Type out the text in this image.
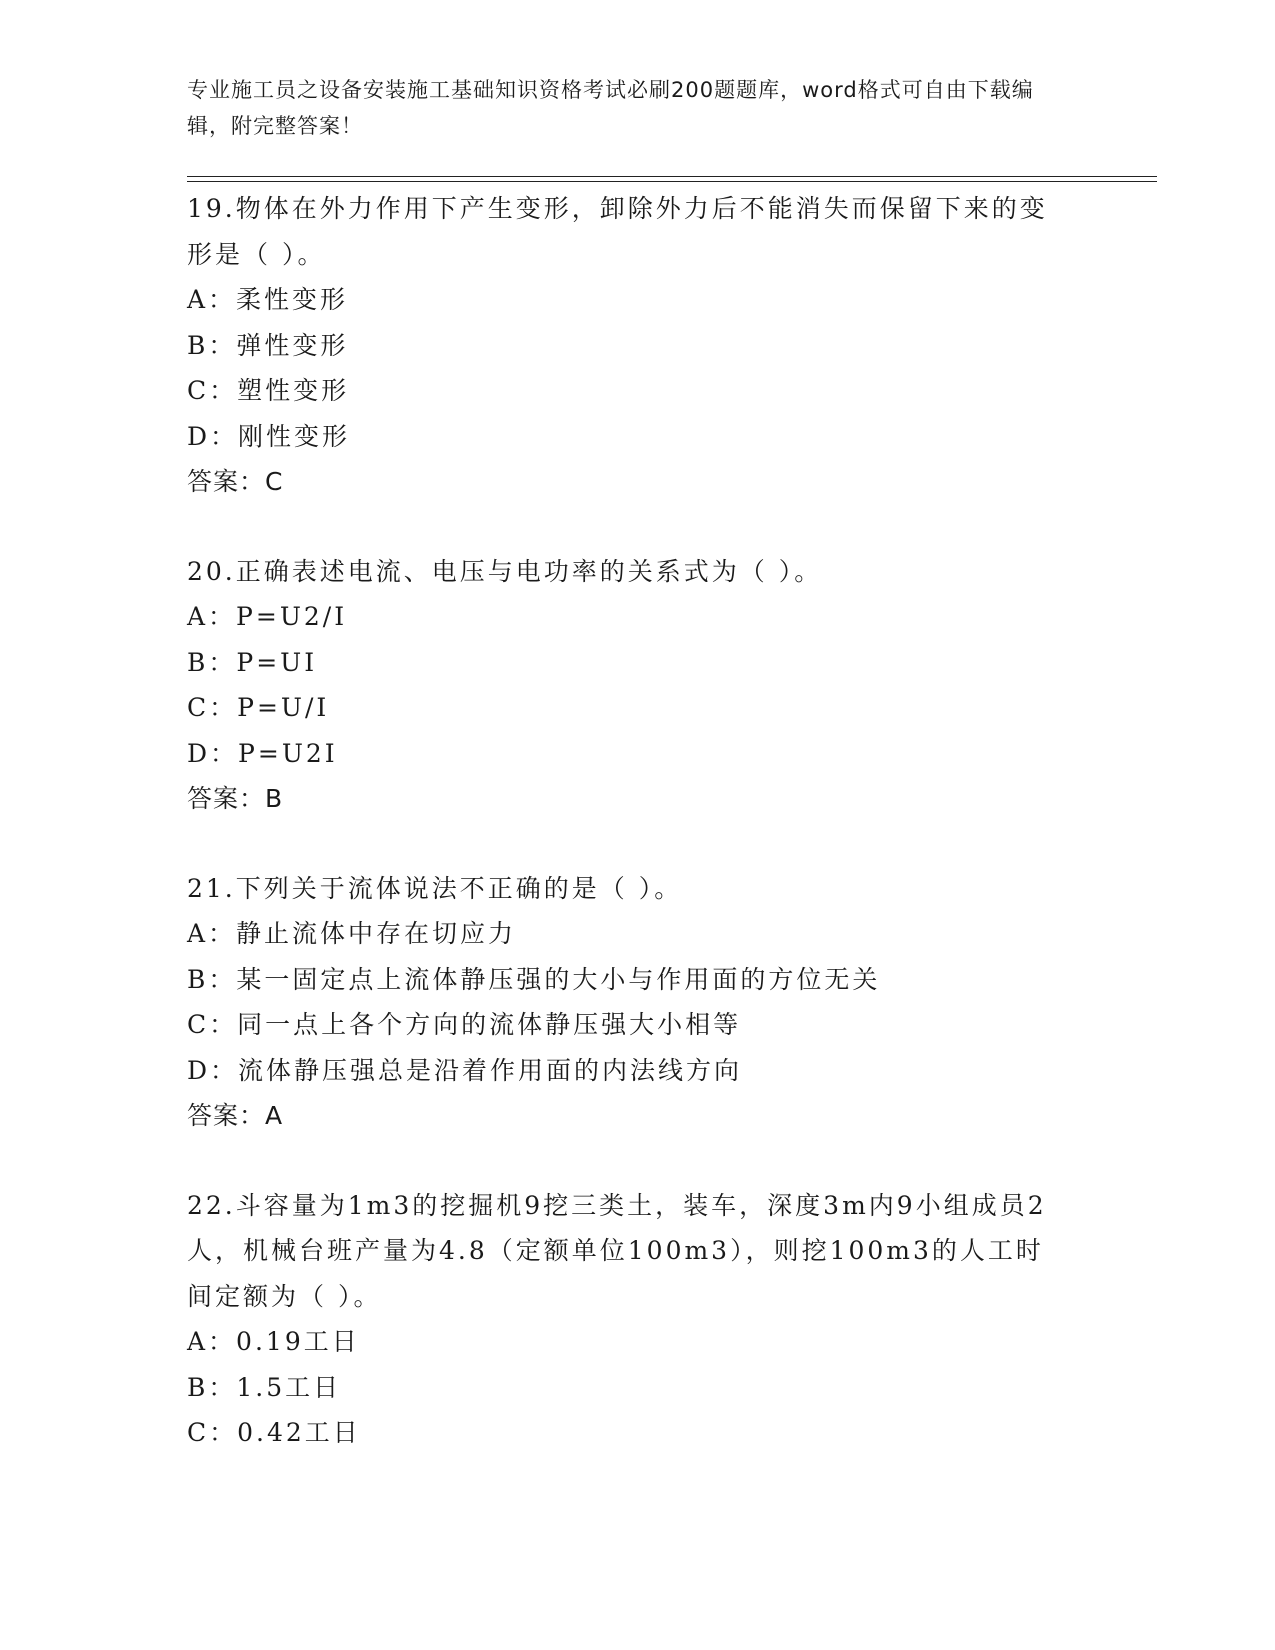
专业施工员之设备安装施工基础知识资格考试必刷200题题库，word格式可自由下载编辑，附完整答案！
19.物体在外力作用下产生变形，卸除外力后不能消失而保留下来的变形是（ ）。
A：柔性变形
B：弹性变形
C：塑性变形
D：刚性变形
答案：C
20.正确表述电流、电压与电功率的关系式为（ ）。
A：P=U2/I
B：P=UI
C：P=U/I
D：P=U2I
答案：B
21.下列关于流体说法不正确的是（ ）。
A：静止流体中存在切应力
B：某一固定点上流体静压强的大小与作用面的方位无关
C：同一点上各个方向的流体静压强大小相等
D：流体静压强总是沿着作用面的内法线方向
答案：A
22.斗容量为1m3的挖掘机9挖三类土，装车，深度3m内9小组成员2人，机械台班产量为4.8（定额单位100m3），则挖100m3的人工时间定额为（ ）。
A：0.19工日
B：1.5工日
C：0.42工日
